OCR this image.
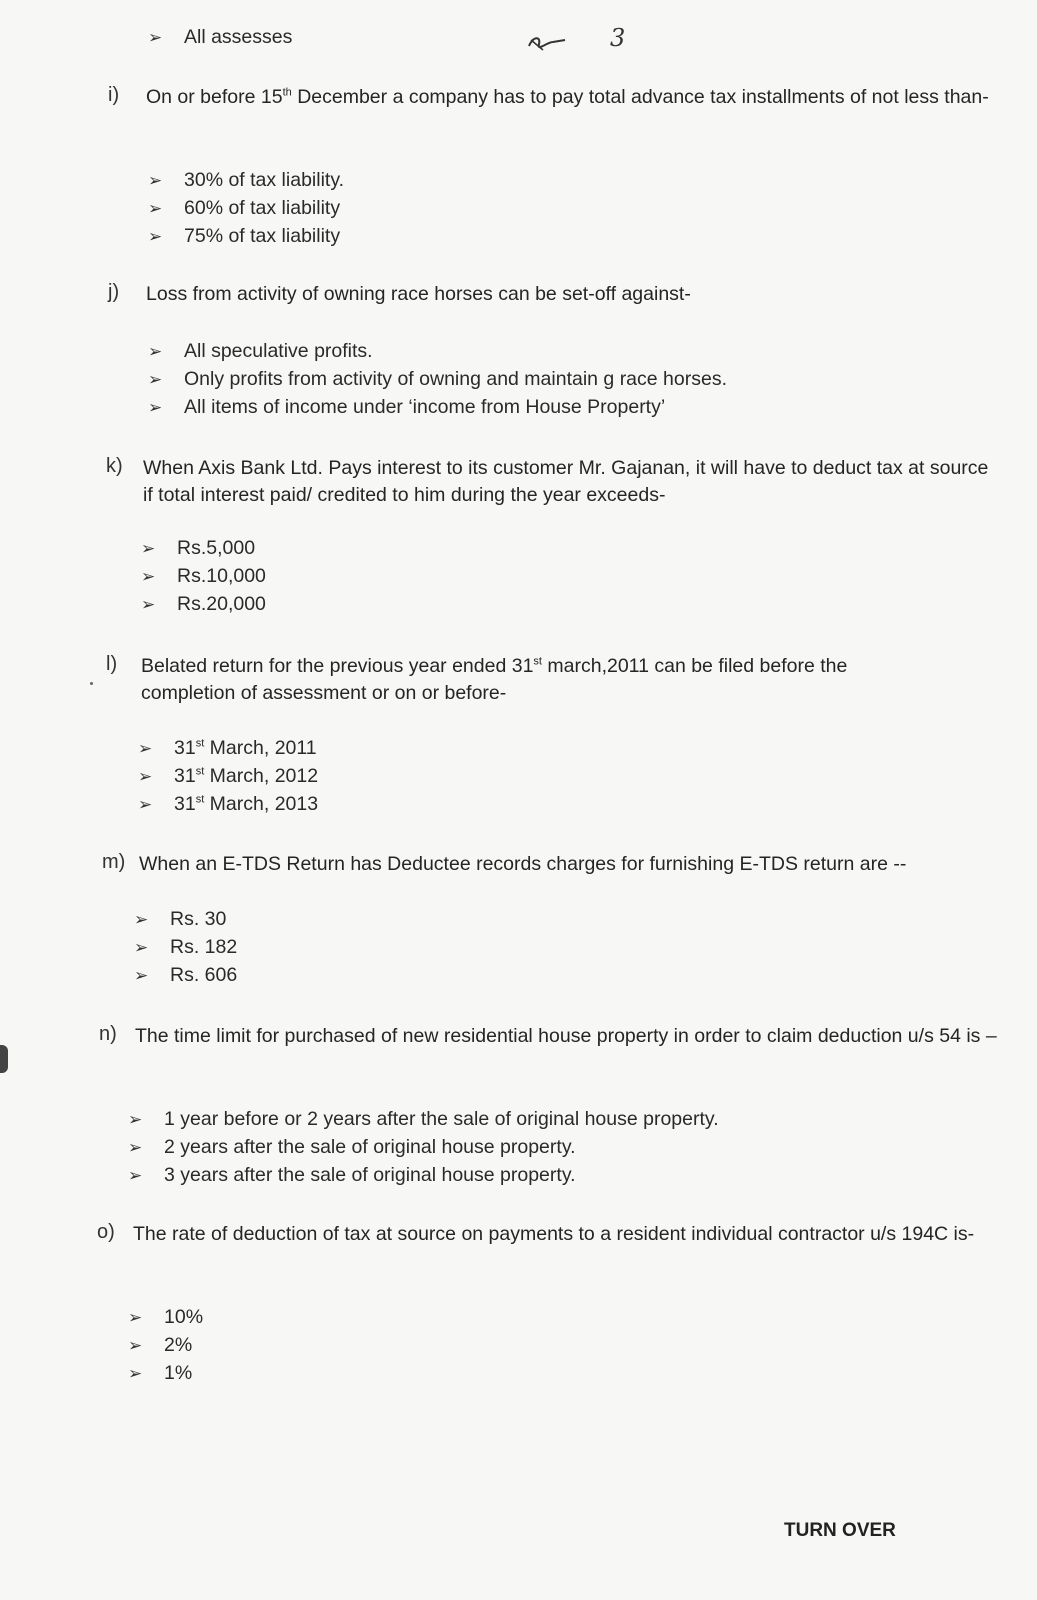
➢ All assesses	3
i) On or before 15th December a company has to pay total advance tax installments of not less than-
➢ 30% of tax liability.
➢ 60% of tax liability
➢ 75% of tax liability
j) Loss from activity of owning race horses can be set-off against-
➢ All speculative profits.
➢ Only profits from activity of owning and maintain g race horses.
➢ All items of income under ‘income from House Property’
k) When Axis Bank Ltd. Pays interest to its customer Mr. Gajanan, it will have to deduct tax at source if total interest paid/ credited to him during the year exceeds-
➢ Rs.5,000
➢ Rs.10,000
➢ Rs.20,000
l) Belated return for the previous year ended 31st march,2011 can be filed before the completion of assessment or on or before-
➢ 31st March, 2011
➢ 31st March, 2012
➢ 31st March, 2013
m) When an E-TDS Return has Deductee records charges for furnishing E-TDS return are --
➢ Rs. 30
➢ Rs. 182
➢ Rs. 606
n) The time limit for purchased of new residential house property in order to claim deduction u/s 54 is –
➢ 1 year before or 2 years after the sale of original house property.
➢ 2 years after the sale of original house property.
➢ 3 years after the sale of original house property.
o) The rate of deduction of tax at source on payments to a resident individual contractor u/s 194C is-
➢ 10%
➢ 2%
➢ 1%
TURN OVER
